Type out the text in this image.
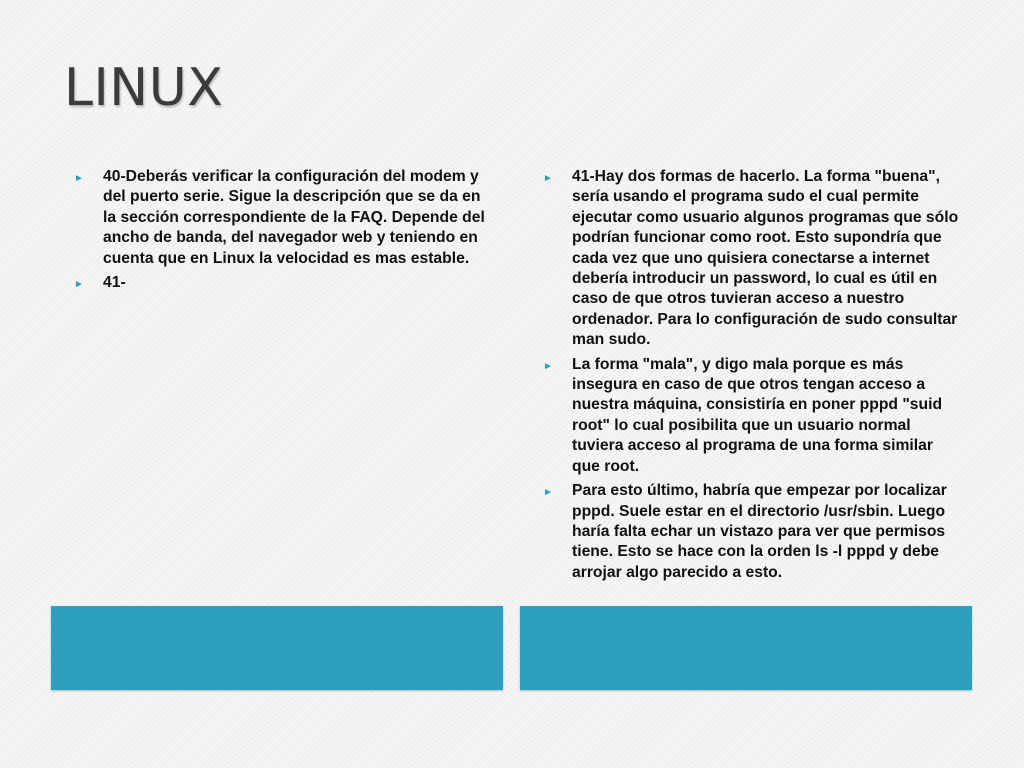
LINUX
► 40-Deberás verificar la configuración del modem y del puerto serie. Sigue la descripción que se da en la sección correspondiente de la FAQ. Depende del ancho de banda, del navegador web y teniendo en cuenta que en Linux la velocidad es mas estable.
► 41-
► 41-Hay dos formas de hacerlo. La forma "buena", sería usando el programa sudo el cual permite ejecutar como usuario algunos programas que sólo podrían funcionar como root. Esto supondría que cada vez que uno quisiera conectarse a internet debería introducir un password, lo cual es útil en caso de que otros tuvieran acceso a nuestro ordenador. Para lo configuración de sudo consultar man sudo.
► La forma "mala", y digo mala porque es más insegura en caso de que otros tengan acceso a nuestra máquina, consistiría en poner pppd "suid root" lo cual posibilita que un usuario normal tuviera acceso al programa de una forma similar que root.
► Para esto último, habría que empezar por localizar pppd. Suele estar en el directorio /usr/sbin. Luego haría falta echar un vistazo para ver que permisos tiene. Esto se hace con la orden ls -l pppd y debe arrojar algo parecido a esto.
